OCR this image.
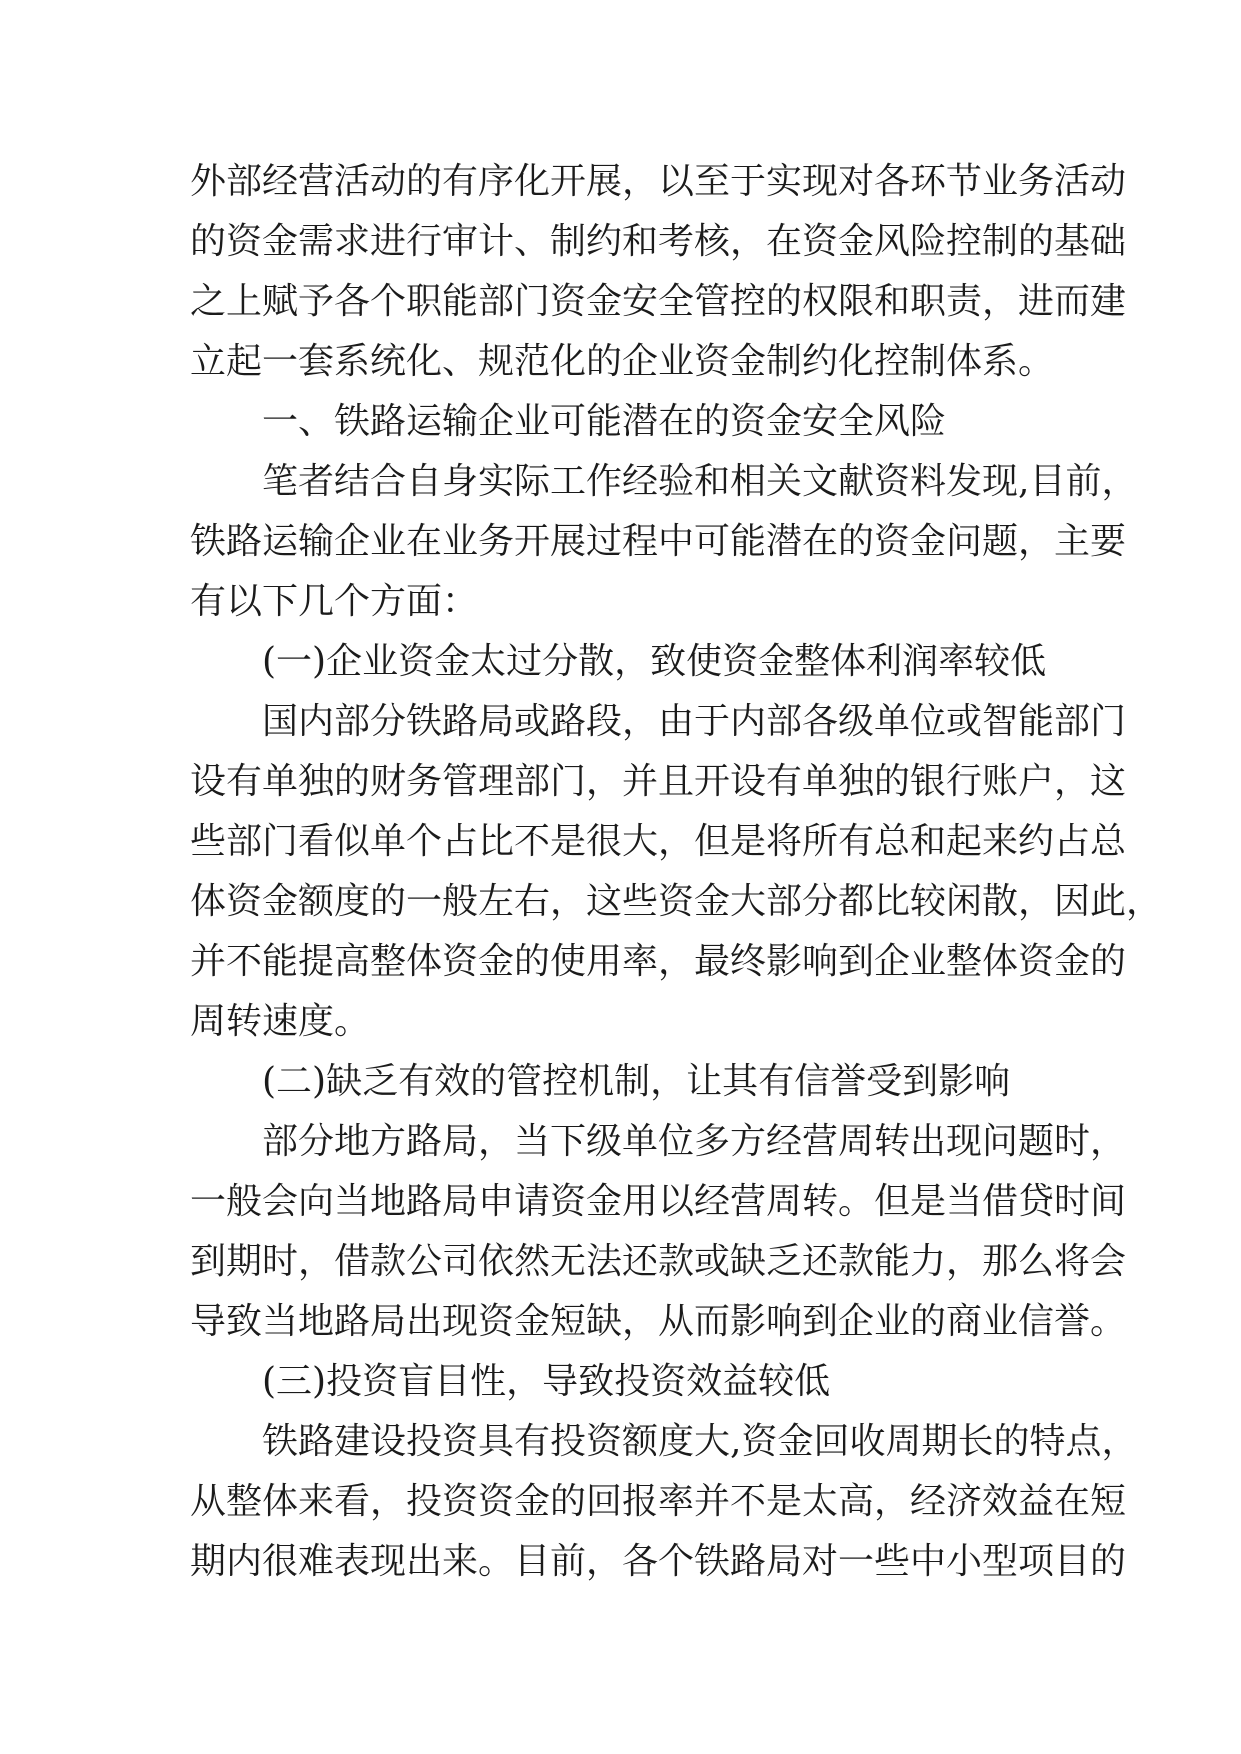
外部经营活动的有序化开展，以至于实现对各环节业务活动
的资金需求进行审计、制约和考核，在资金风险控制的基础
之上赋予各个职能部门资金安全管控的权限和职责，进而建
立起一套系统化、规范化的企业资金制约化控制体系。
一、铁路运输企业可能潜在的资金安全风险
笔者结合自身实际工作经验和相关文献资料发现,目前，
铁路运输企业在业务开展过程中可能潜在的资金问题，主要
有以下几个方面：
(一)企业资金太过分散，致使资金整体利润率较低
国内部分铁路局或路段，由于内部各级单位或智能部门
设有单独的财务管理部门，并且开设有单独的银行账户，这
些部门看似单个占比不是很大，但是将所有总和起来约占总
体资金额度的一般左右，这些资金大部分都比较闲散，因此，
并不能提高整体资金的使用率，最终影响到企业整体资金的
周转速度。
(二)缺乏有效的管控机制，让其有信誉受到影响
部分地方路局，当下级单位多方经营周转出现问题时，
一般会向当地路局申请资金用以经营周转。但是当借贷时间
到期时，借款公司依然无法还款或缺乏还款能力，那么将会
导致当地路局出现资金短缺，从而影响到企业的商业信誉。
(三)投资盲目性，导致投资效益较低
铁路建设投资具有投资额度大,资金回收周期长的特点，
从整体来看，投资资金的回报率并不是太高，经济效益在短
期内很难表现出来。目前，各个铁路局对一些中小型项目的
